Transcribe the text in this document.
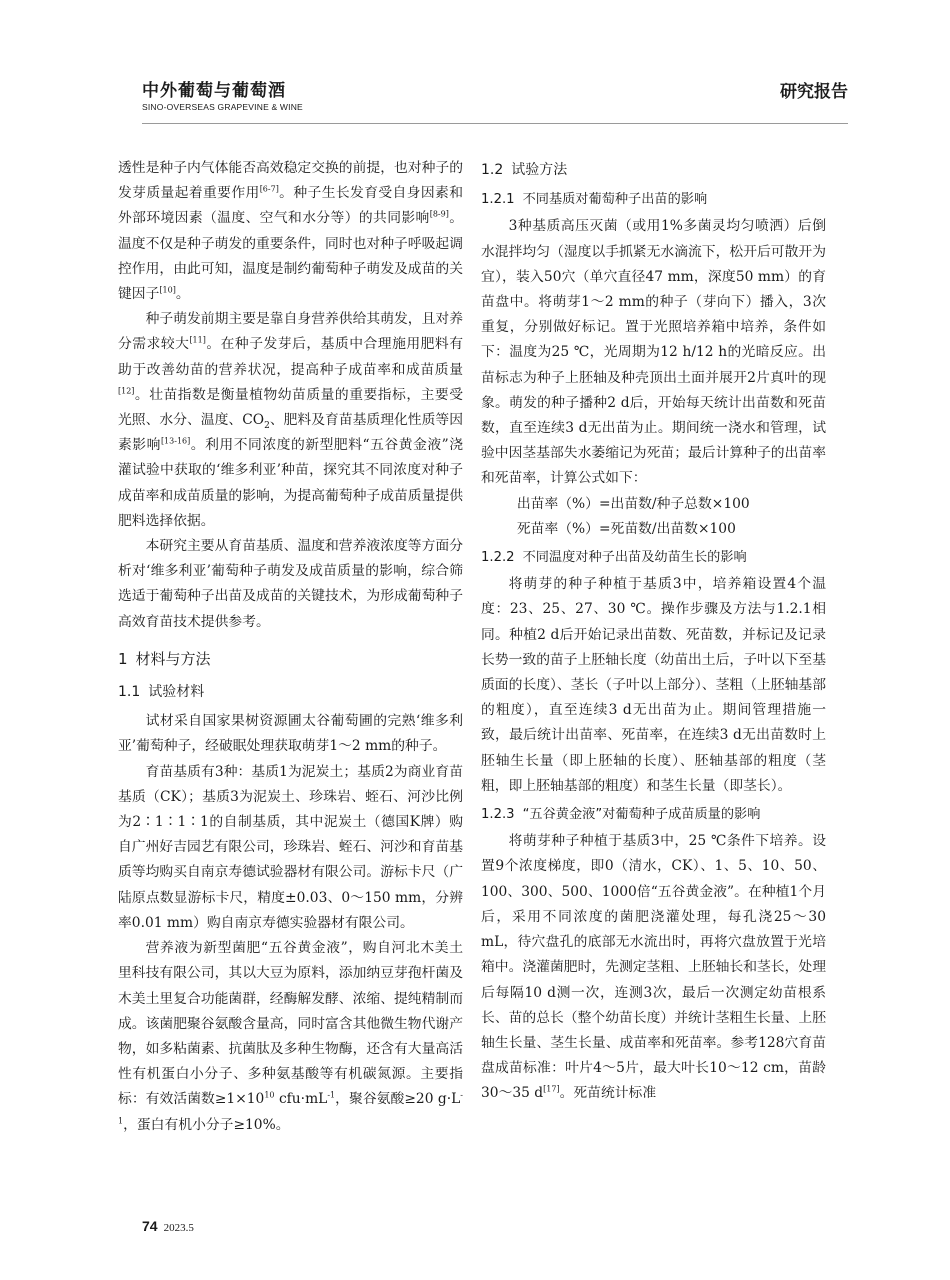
中外葡萄与葡萄酒
SINO-OVERSEAS GRAPEVINE & WINE
研究报告

透性是种子内气体能否高效稳定交换的前提，也对种子的发芽质量起着重要作用[6-7]。种子生长发育受自身因素和外部环境因素（温度、空气和水分等）的共同影响[8-9]。温度不仅是种子萌发的重要条件，同时也对种子呼吸起调控作用，由此可知，温度是制约葡萄种子萌发及成苗的关键因子[10]。

种子萌发前期主要是靠自身营养供给其萌发，且对养分需求较大[11]。在种子发芽后，基质中合理施用肥料有助于改善幼苗的营养状况，提高种子成苗率和成苗质量[12]。壮苗指数是衡量植物幼苗质量的重要指标，主要受光照、水分、温度、$CO_2$、肥料及育苗基质理化性质等因素影响[13-16]。利用不同浓度的新型肥料“五谷黄金液”浇灌试验中获取的‘维多利亚’种苗，探究其不同浓度对种子成苗率和成苗质量的影响，为提高葡萄种子成苗质量提供肥料选择依据。

本研究主要从育苗基质、温度和营养液浓度等方面分析对‘维多利亚’葡萄种子萌发及成苗质量的影响，综合筛选适于葡萄种子出苗及成苗的关键技术，为形成葡萄种子高效育苗技术提供参考。

1 材料与方法
1.1 试验材料

试材采自国家果树资源圃太谷葡萄圃的完熟‘维多利亚’葡萄种子，经破眠处理获取萌芽1～2 mm的种子。

育苗基质有3种：基质1为泥炭土；基质2为商业育苗基质（CK）；基质3为泥炭土、珍珠岩、蛭石、河沙比例为2∶1∶1∶1的自制基质，其中泥炭土（德国K牌）购自广州好吉园艺有限公司，珍珠岩、蛭石、河沙和育苗基质等均购买自南京寿德试验器材有限公司。游标卡尺（广陆原点数显游标卡尺，精度±0.03、0～150 mm，分辨率0.01 mm）购自南京寿德实验器材有限公司。

营养液为新型菌肥“五谷黄金液”，购自河北木美土里科技有限公司，其以大豆为原料，添加纳豆芽孢杆菌及木美土里复合功能菌群，经酶解发酵、浓缩、提纯精制而成。该菌肥聚谷氨酸含量高，同时富含其他微生物代谢产物，如多粘菌素、抗菌肽及多种生物酶，还含有大量高活性有机蛋白小分子、多种氨基酸等有机碳氮源。主要指标：有效活菌数$\ge 1\times 10^{10}$ $cfu\cdot mL^{-1}$，聚谷氨酸≥20 $g\cdot L^{-1}$，蛋白有机小分子≥10%。

1.2 试验方法
1.2.1 不同基质对葡萄种子出苗的影响

3种基质高压灭菌（或用1%多菌灵均匀喷洒）后倒水混拌均匀（湿度以手抓紧无水滴流下，松开后可散开为宜），装入50穴（单穴直径47 mm，深度50 mm）的育苗盘中。将萌芽1～2 mm的种子（芽向下）播入，3次重复，分别做好标记。置于光照培养箱中培养，条件如下：温度为25 ℃，光周期为12 h/12 h的光暗反应。出苗标志为种子上胚轴及种壳顶出土面并展开2片真叶的现象。萌发的种子播种2 d后，开始每天统计出苗数和死苗数，直至连续3 d无出苗为止。期间统一浇水和管理，试验中因茎基部失水萎缩记为死苗；最后计算种子的出苗率和死苗率，计算公式如下：

出苗率（%）=出苗数/种子总数×100

死苗率（%）=死苗数/出苗数×100

1.2.2 不同温度对种子出苗及幼苗生长的影响

将萌芽的种子种植于基质3中，培养箱设置4个温度：23、25、27、30 ℃。操作步骤及方法与1.2.1相同。种植2 d后开始记录出苗数、死苗数，并标记及记录长势一致的苗子上胚轴长度（幼苗出土后，子叶以下至基质面的长度）、茎长（子叶以上部分）、茎粗（上胚轴基部的粗度），直至连续3 d无出苗为止。期间管理措施一致，最后统计出苗率、死苗率，在连续3 d无出苗数时上胚轴生长量（即上胚轴的长度）、胚轴基部的粗度（茎粗，即上胚轴基部的粗度）和茎生长量（即茎长）。

1.2.3 “五谷黄金液”对葡萄种子成苗质量的影响

将萌芽种子种植于基质3中，25 ℃条件下培养。设置9个浓度梯度，即0（清水，CK）、1、5、10、50、100、300、500、1000倍“五谷黄金液”。在种植1个月后，采用不同浓度的菌肥浇灌处理，每孔浇25～30 mL，待穴盘孔的底部无水流出时，再将穴盘放置于光培箱中。浇灌菌肥时，先测定茎粗、上胚轴长和茎长，处理后每隔10 d测一次，连测3次，最后一次测定幼苗根系长、苗的总长（整个幼苗长度）并统计茎粗生长量、上胚轴生长量、茎生长量、成苗率和死苗率。参考128穴育苗盘成苗标准：叶片4～5片，最大叶长10～12 cm，苗龄30～35 d[17]。死苗统计标准

74 2023.5
